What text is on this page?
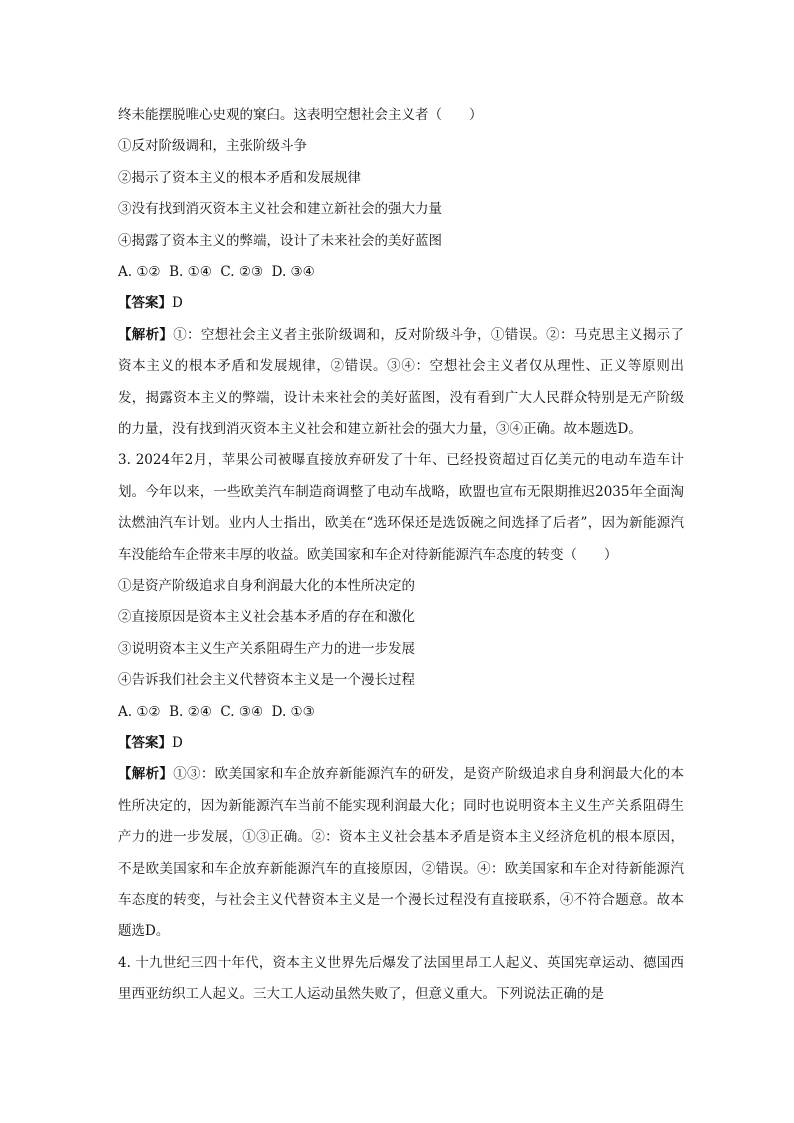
终未能摆脱唯心史观的窠臼。这表明空想社会主义者（　　）
①反对阶级调和，主张阶级斗争
②揭示了资本主义的根本矛盾和发展规律
③没有找到消灭资本主义社会和建立新社会的强大力量
④揭露了资本主义的弊端，设计了未来社会的美好蓝图
A. ①②  B. ①④  C. ②③  D. ③④
【答案】D
【解析】①：空想社会主义者主张阶级调和，反对阶级斗争，①错误。②：马克思主义揭示了资本主义的根本矛盾和发展规律，②错误。③④：空想社会主义者仅从理性、正义等原则出发，揭露资本主义的弊端，设计未来社会的美好蓝图，没有看到广大人民群众特别是无产阶级的力量，没有找到消灭资本主义社会和建立新社会的强大力量，③④正确。故本题选D。
3. 2024年2月，苹果公司被曝直接放弃研发了十年、已经投资超过百亿美元的电动车造车计划。今年以来，一些欧美汽车制造商调整了电动车战略，欧盟也宣布无限期推迟2035年全面淘汰燃油汽车计划。业内人士指出，欧美在“选环保还是选饭碗之间选择了后者”，因为新能源汽车没能给车企带来丰厚的收益。欧美国家和车企对待新能源汽车态度的转变（　　）
①是资产阶级追求自身利润最大化的本性所决定的
②直接原因是资本主义社会基本矛盾的存在和激化
③说明资本主义生产关系阻碍生产力的进一步发展
④告诉我们社会主义代替资本主义是一个漫长过程
A. ①②  B. ②④  C. ③④  D. ①③
【答案】D
【解析】①③：欧美国家和车企放弃新能源汽车的研发，是资产阶级追求自身利润最大化的本性所决定的，因为新能源汽车当前不能实现利润最大化；同时也说明资本主义生产关系阻碍生产力的进一步发展，①③正确。②：资本主义社会基本矛盾是资本主义经济危机的根本原因，不是欧美国家和车企放弃新能源汽车的直接原因，②错误。④：欧美国家和车企对待新能源汽车态度的转变，与社会主义代替资本主义是一个漫长过程没有直接联系，④不符合题意。故本题选D。
4. 十九世纪三四十年代，资本主义世界先后爆发了法国里昂工人起义、英国宪章运动、德国西里西亚纺织工人起义。三大工人运动虽然失败了，但意义重大。下列说法正确的是
